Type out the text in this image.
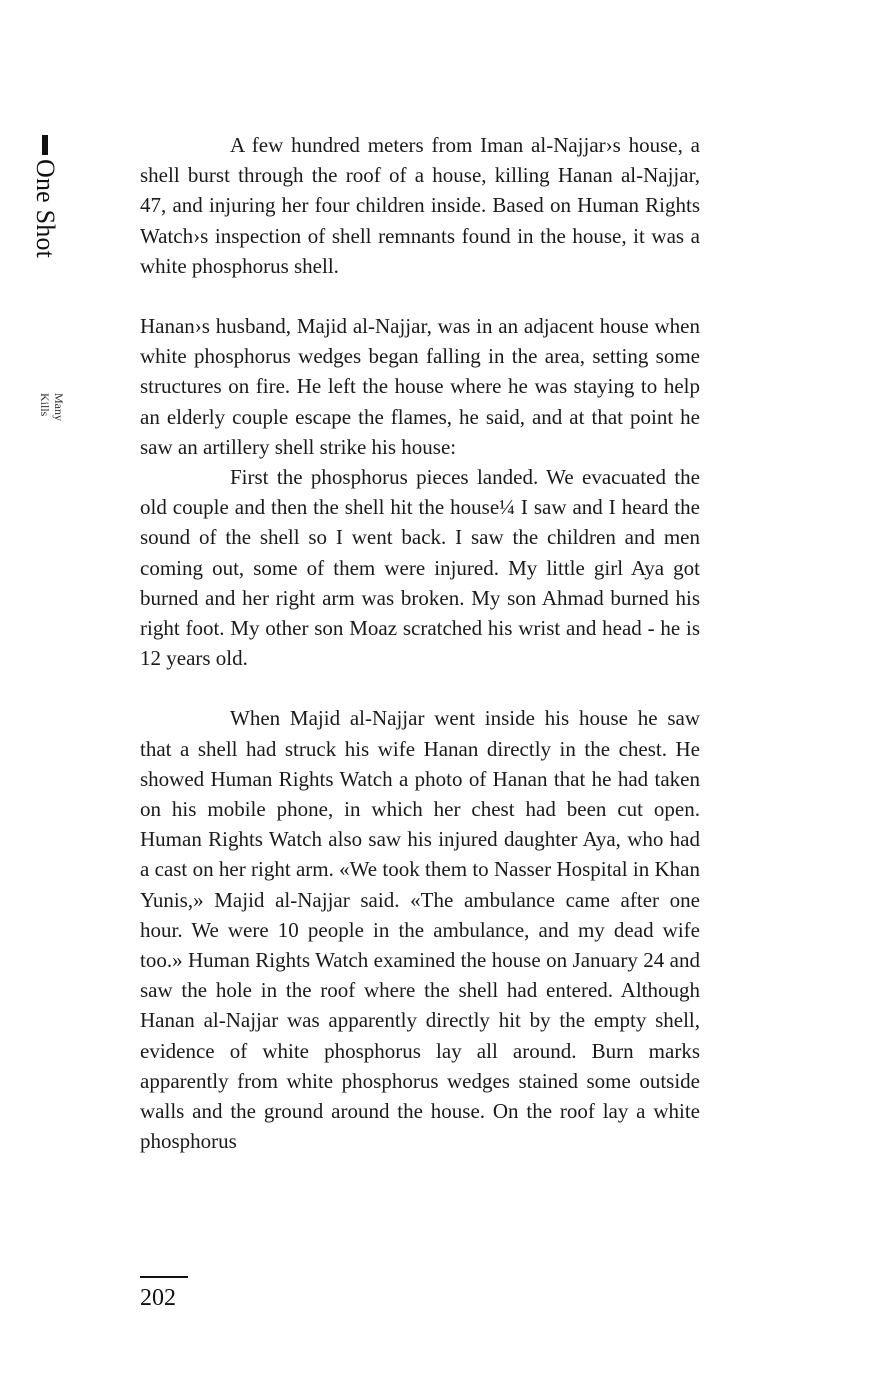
One Shot
Many Kills

A few hundred meters from Iman al-Najjar›s house, a shell burst through the roof of a house, killing Hanan al-Najjar, 47, and injuring her four children inside. Based on Human Rights Watch›s inspection of shell remnants found in the house, it was a white phosphorus shell.

Hanan›s husband, Majid al-Najjar, was in an adjacent house when white phosphorus wedges began falling in the area, setting some structures on fire. He left the house where he was staying to help an elderly couple escape the flames, he said, and at that point he saw an artillery shell strike his house:

First the phosphorus pieces landed. We evacuated the old couple and then the shell hit the house¼ I saw and I heard the sound of the shell so I went back. I saw the children and men coming out, some of them were injured. My little girl Aya got burned and her right arm was broken. My son Ahmad burned his right foot. My other son Moaz scratched his wrist and head - he is 12 years old.

When Majid al-Najjar went inside his house he saw that a shell had struck his wife Hanan directly in the chest. He showed Human Rights Watch a photo of Hanan that he had taken on his mobile phone, in which her chest had been cut open. Human Rights Watch also saw his injured daughter Aya, who had a cast on her right arm. «We took them to Nasser Hospital in Khan Yunis,» Majid al-Najjar said. «The ambulance came after one hour. We were 10 people in the ambulance, and my dead wife too.» Human Rights Watch examined the house on January 24 and saw the hole in the roof where the shell had entered. Although Hanan al-Najjar was apparently directly hit by the empty shell, evidence of white phosphorus lay all around. Burn marks apparently from white phosphorus wedges stained some outside walls and the ground around the house. On the roof lay a white phosphorus

202
